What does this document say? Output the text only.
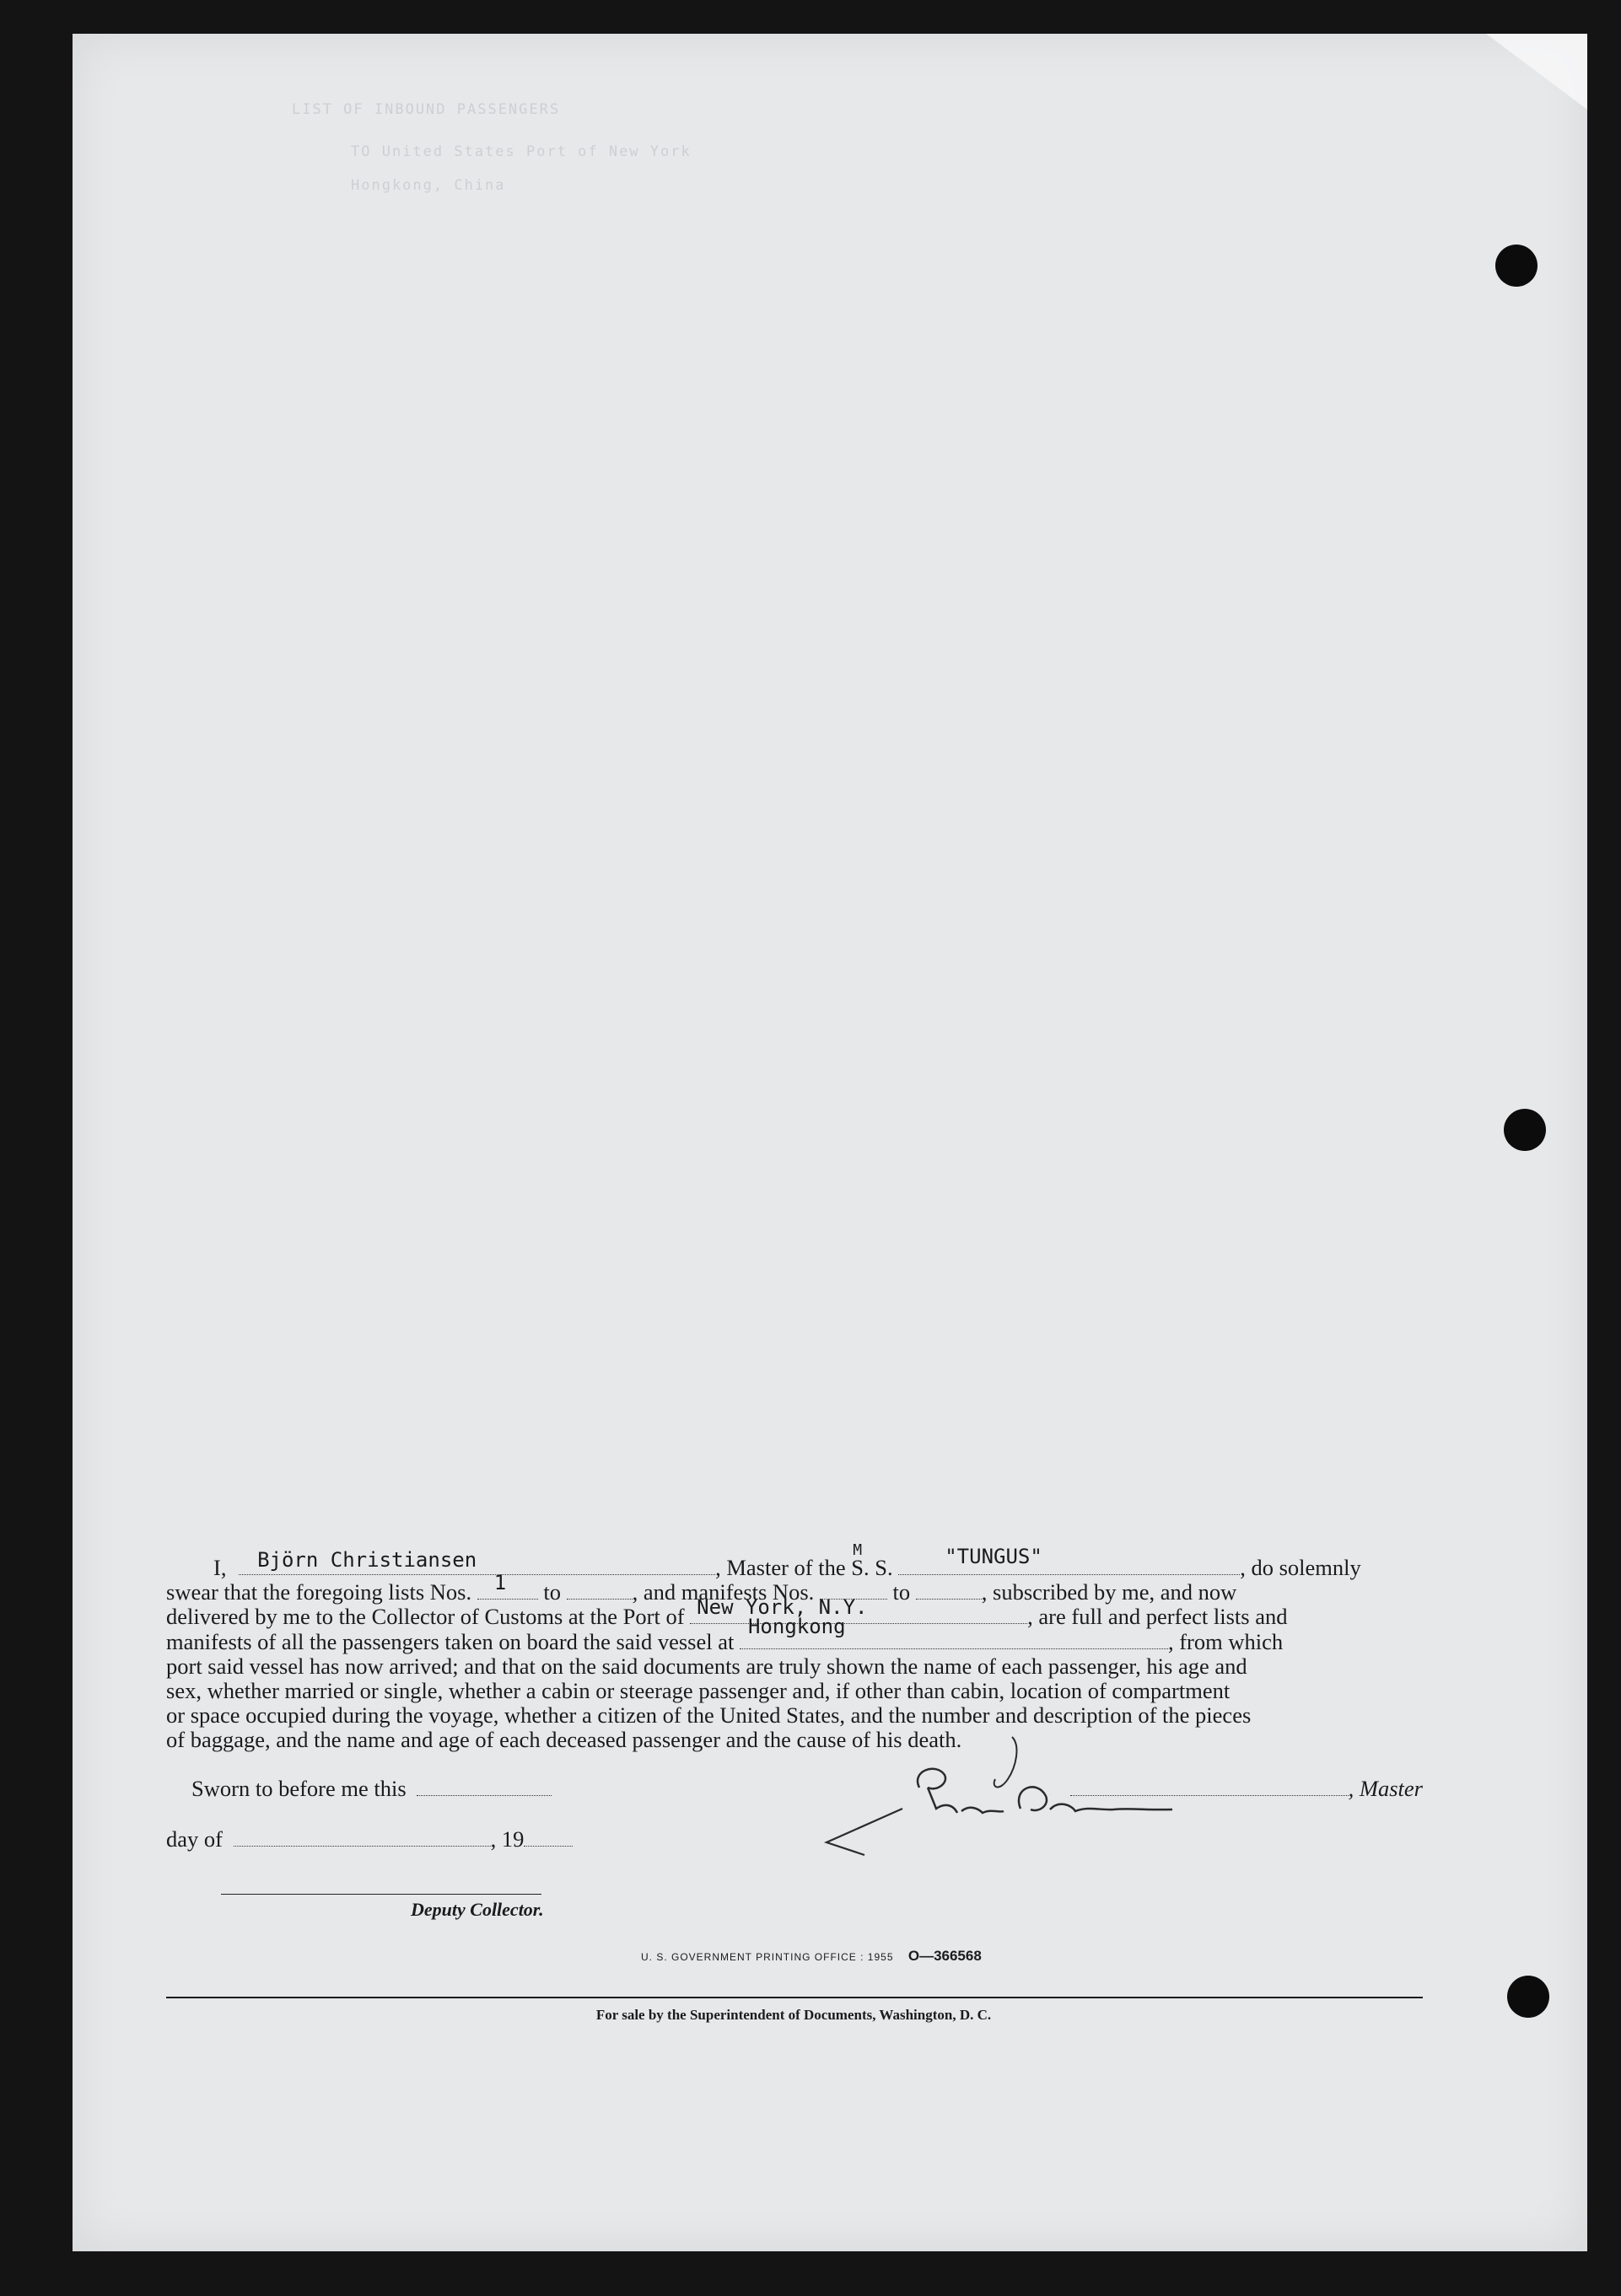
LIST OF INBOUND PASSENGERS
TO United States Port of New York
Hongkong, China
I, Björn Christiansen	, Master of the
M
S. S.	"TUNGUS"	, do solemnly
swear that the foregoing lists Nos. 1 to	, and manifests Nos.	to	, subscribed by me, and now
delivered by me to the Collector of Customs at the Port of New York, N.Y.	, are full and perfect lists and
manifests of all the passengers taken on board the said vessel at
Hongkong
, from which
port said vessel has now arrived; and that on the said documents are truly shown the name of each passenger, his age and
sex, whether married or single, whether a cabin or steerage passenger and, if other than cabin, location of compartment
or space occupied during the voyage, whether a citizen of the United States, and the number and description of the pieces
of baggage, and the name and age of each deceased passenger and the cause of his death.
Sworn to before me this	, Master
day of	, 19
Deputy Collector.
U. S. GOVERNMENT PRINTING OFFICE : 1955 O—366568
For sale by the Superintendent of Documents, Washington, D. C.
